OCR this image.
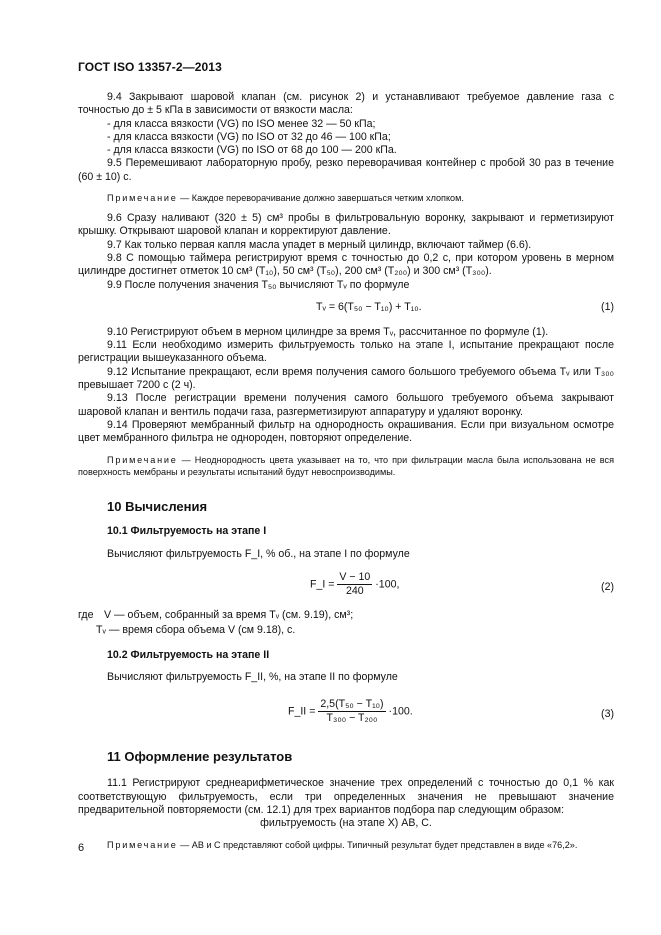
ГОСТ ISO 13357-2—2013

9.4 Закрывают шаровой клапан (см. рисунок 2) и устанавливают требуемое давление газа с точностью до ± 5 кПа в зависимости от вязкости масла:

- для класса вязкости (VG) по ISO менее 32 — 50 кПа;

- для класса вязкости (VG) по ISO от 32 до 46 — 100 кПа;

- для класса вязкости (VG) по ISO от 68 до 100 — 200 кПа.

9.5 Перемешивают лабораторную пробу, резко переворачивая контейнер с пробой 30 раз в течение (60 ± 10) с.

Примечание — Каждое переворачивание должно завершаться четким хлопком.

9.6 Сразу наливают (320 ± 5) см³ пробы в фильтровальную воронку, закрывают и герметизируют крышку. Открывают шаровой клапан и корректируют давление.

9.7 Как только первая капля масла упадет в мерный цилиндр, включают таймер (6.6).

9.8 С помощью таймера регистрируют время с точностью до 0,2 с, при котором уровень в мерном цилиндре достигнет отметок 10 см³ (T₁₀), 50 см³ (T₅₀), 200 см³ (T₂₀₀) и 300 см³ (T₃₀₀).

9.9 После получения значения T₅₀ вычисляют Tᵥ по формуле

Tᵥ = 6(T₅₀ − T₁₀) + T₁₀.	(1)

9.10 Регистрируют объем в мерном цилиндре за время Tᵥ, рассчитанное по формуле (1).

9.11 Если необходимо измерить фильтруемость только на этапе I, испытание прекращают после регистрации вышеуказанного объема.

9.12 Испытание прекращают, если время получения самого большого требуемого объема Tᵥ или T₃₀₀ превышает 7200 с (2 ч).

9.13 После регистрации времени получения самого большого требуемого объема закрывают шаровой клапан и вентиль подачи газа, разгерметизируют аппаратуру и удаляют воронку.

9.14 Проверяют мембранный фильтр на однородность окрашивания. Если при визуальном осмотре цвет мембранного фильтра не однороден, повторяют определение.

Примечание — Неоднородность цвета указывает на то, что при фильтрации масла была использована не вся поверхность мембраны и результаты испытаний будут невоспроизводимы.

10 Вычисления
10.1 Фильтруемость на этапе I

Вычисляют фильтруемость F_I, % об., на этапе I по формуле

F_I = $\frac{V - 10}{240} \cdot 100$,	(2)
где V — объем, собранный за время Tᵥ (см. 9.19), см³;
Tᵥ — время сбора объема V (см 9.18), с.
10.2 Фильтруемость на этапе II

Вычисляют фильтруемость F_II, %, на этапе II по формуле

F_II = $\frac{\text{2,5(T₅₀ − T₁₀)}}{\text{T₃₀₀ − T₂₀₀}} \cdot 100$.	(3)
11 Оформление результатов

11.1 Регистрируют среднеарифметическое значение трех определений с точностью до 0,1 % как соответствующую фильтруемость, если три определенных значения не превышают значение предварительной повторяемости (см. 12.1) для трех вариантов подбора пар следующим образом:

фильтруемость (на этапе X) AB, C.

Примечание — AB и C представляют собой цифры. Типичный результат будет представлен в виде «76,2».

6
